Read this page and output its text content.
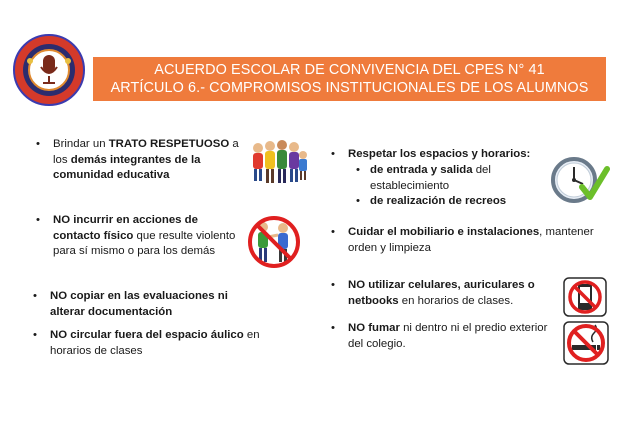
ACUERDO ESCOLAR DE CONVIVENCIA DEL CPES N° 41
ARTÍCULO 6.- COMPROMISOS INSTITUCIONALES DE LOS ALUMNOS
•	Brindar un TRATO RESPETUOSO a los demás integrantes de la comunidad educativa
•	NO incurrir en acciones de contacto físico que resulte violento para sí mismo o para los demás
•	NO copiar en las evaluaciones ni alterar documentación
•	NO circular fuera del espacio áulico en horarios de clases
•	Respetar los espacios y horarios:
• de entrada y salida del establecimiento
• de realización de recreos
•	Cuidar el mobiliario e instalaciones, mantener orden y limpieza
•	NO utilizar celulares, auriculares o netbooks en horarios de clases.
•	NO fumar ni dentro ni el predio exterior del colegio.
